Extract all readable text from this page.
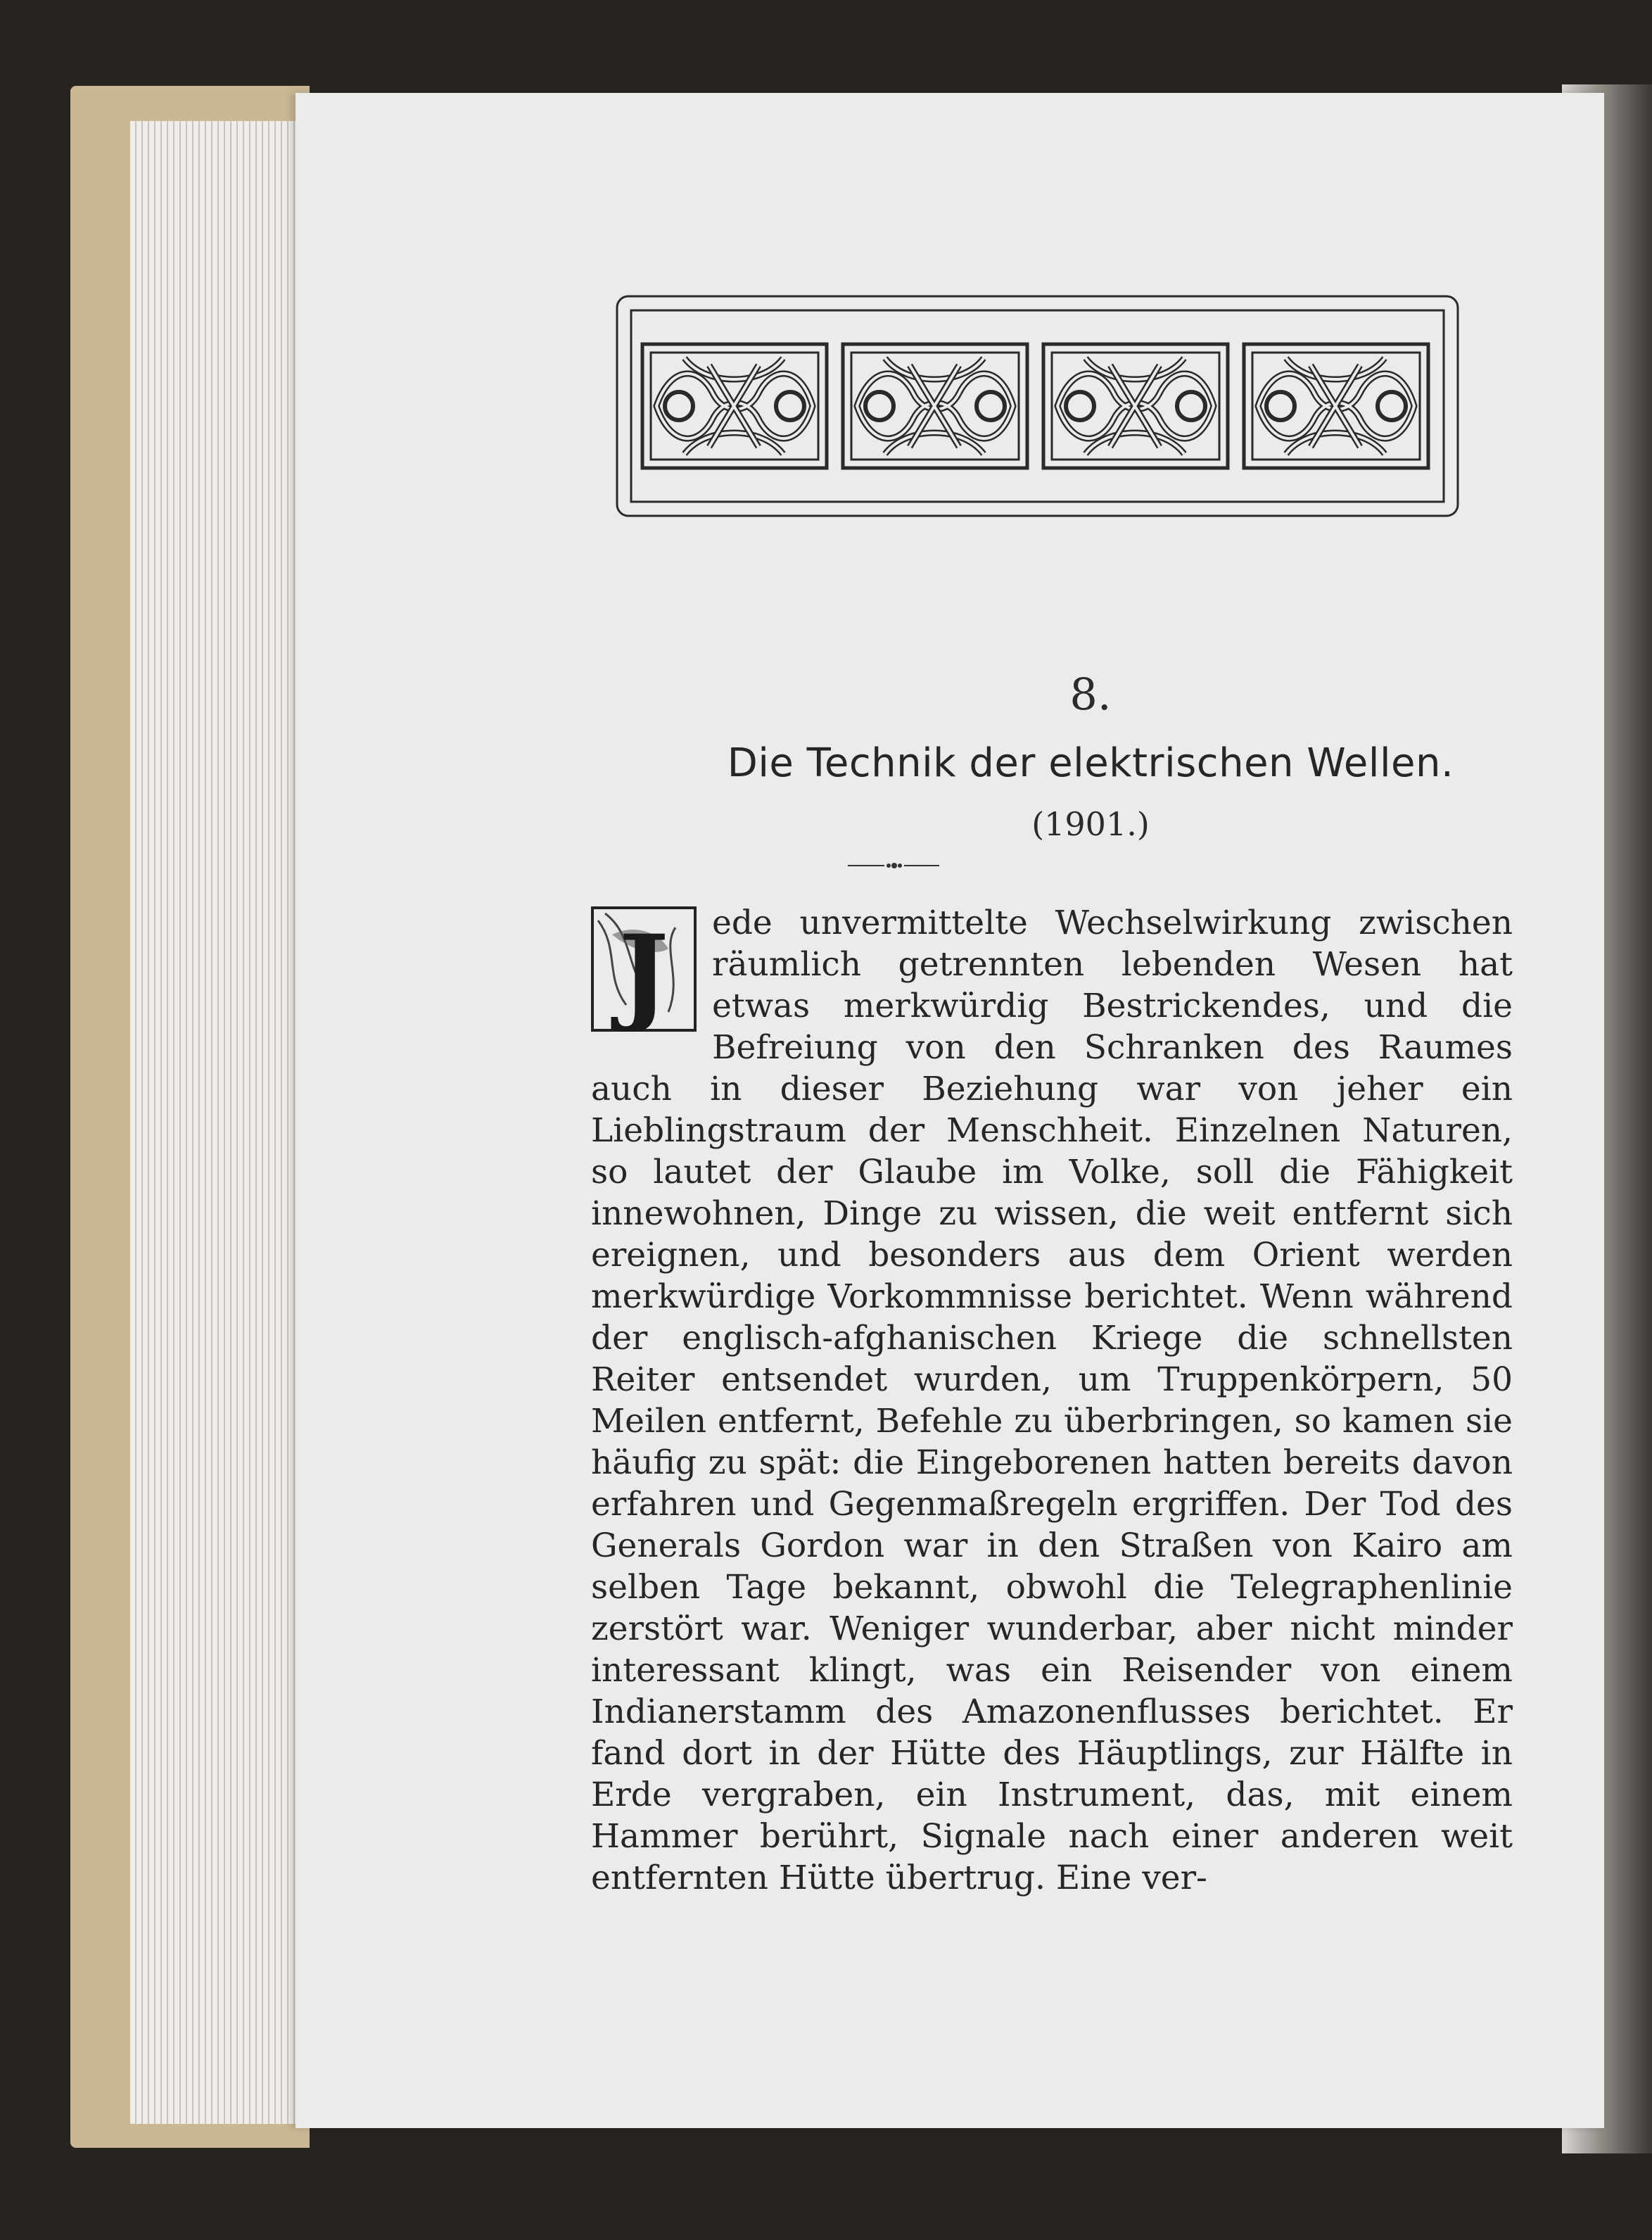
8.
Die Technik der elektrischen Wellen.
(1901.)
J	ede unvermittelte Wechselwirkung zwischen räumlich getrennten lebenden Wesen hat etwas merkwürdig Bestrickendes, und die Befreiung von den Schranken des Raumes auch in dieser Beziehung war von jeher ein Lieblingstraum der Menschheit. Einzelnen Naturen, so lautet der Glaube im Volke, soll die Fähigkeit innewohnen, Dinge zu wissen, die weit entfernt sich ereignen, und besonders aus dem Orient werden merkwürdige Vorkommnisse berichtet. Wenn während der englisch-afghanischen Kriege die schnellsten Reiter entsendet wurden, um Truppenkörpern, 50 Meilen entfernt, Befehle zu überbringen, so kamen sie häufig zu spät: die Eingeborenen hatten bereits davon erfahren und Gegenmaßregeln ergriffen. Der Tod des Generals Gordon war in den Straßen von Kairo am selben Tage bekannt, obwohl die Telegraphenlinie zerstört war. Weniger wunderbar, aber nicht minder interessant klingt, was ein Reisender von einem Indianerstamm des Amazonenflusses berichtet. Er fand dort in der Hütte des Häuptlings, zur Hälfte in Erde vergraben, ein Instrument, das, mit einem Hammer berührt, Signale nach einer anderen weit entfernten Hütte übertrug. Eine ver-
